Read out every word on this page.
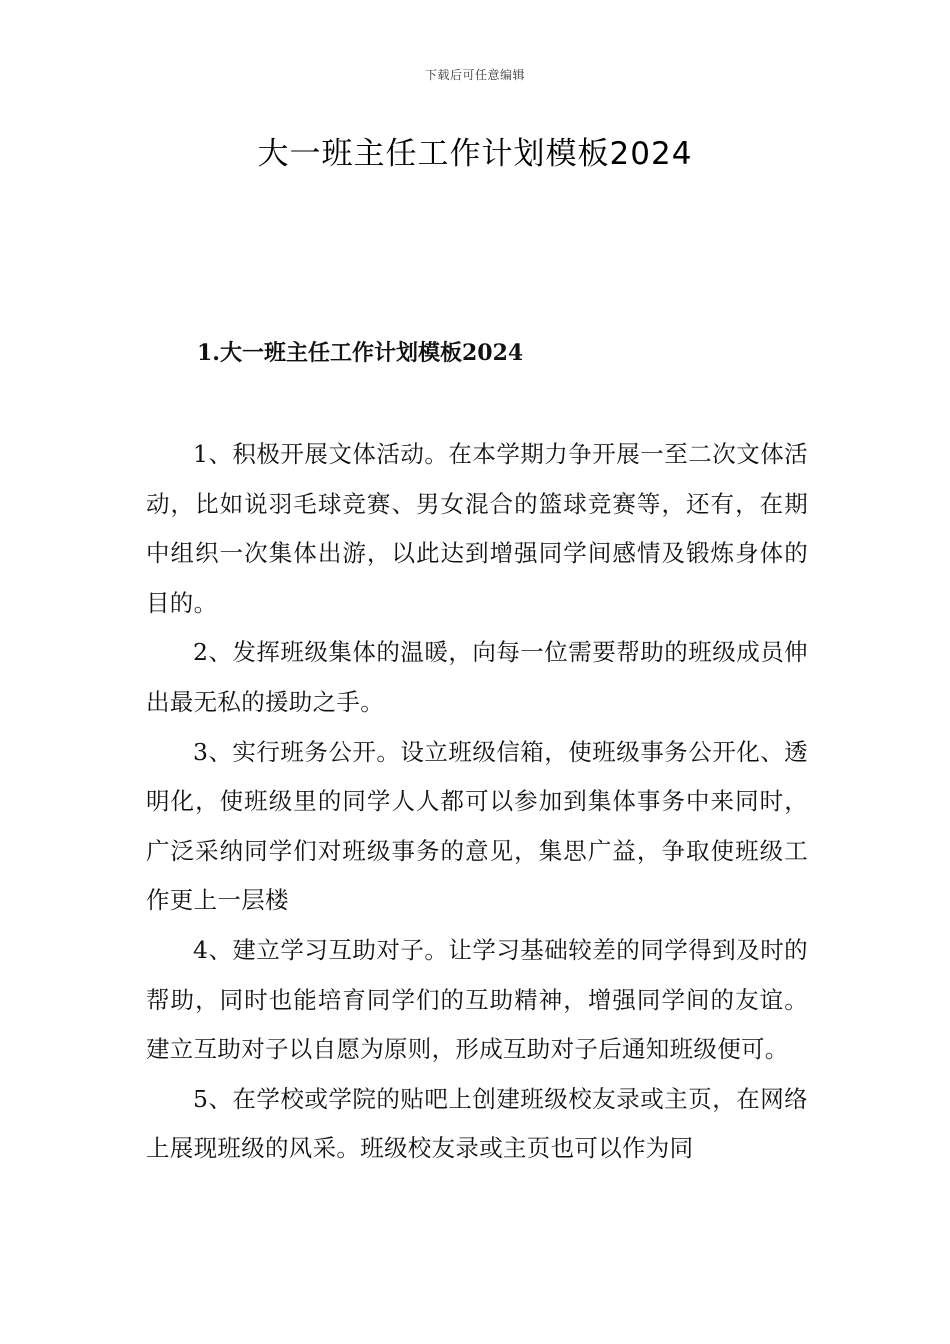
下载后可任意编辑
大一班主任工作计划模板2024
1.大一班主任工作计划模板2024

1、积极开展文体活动。在本学期力争开展一至二次文体活动，比如说羽毛球竞赛、男女混合的篮球竞赛等，还有，在期中组织一次集体出游，以此达到增强同学间感情及锻炼身体的目的。

2、发挥班级集体的温暖，向每一位需要帮助的班级成员伸出最无私的援助之手。

3、实行班务公开。设立班级信箱，使班级事务公开化、透明化，使班级里的同学人人都可以参加到集体事务中来同时，广泛采纳同学们对班级事务的意见，集思广益，争取使班级工作更上一层楼

4、建立学习互助对子。让学习基础较差的同学得到及时的帮助，同时也能培育同学们的互助精神，增强同学间的友谊。建立互助对子以自愿为原则，形成互助对子后通知班级便可。

5、在学校或学院的贴吧上创建班级校友录或主页，在网络上展现班级的风采。班级校友录或主页也可以作为同
